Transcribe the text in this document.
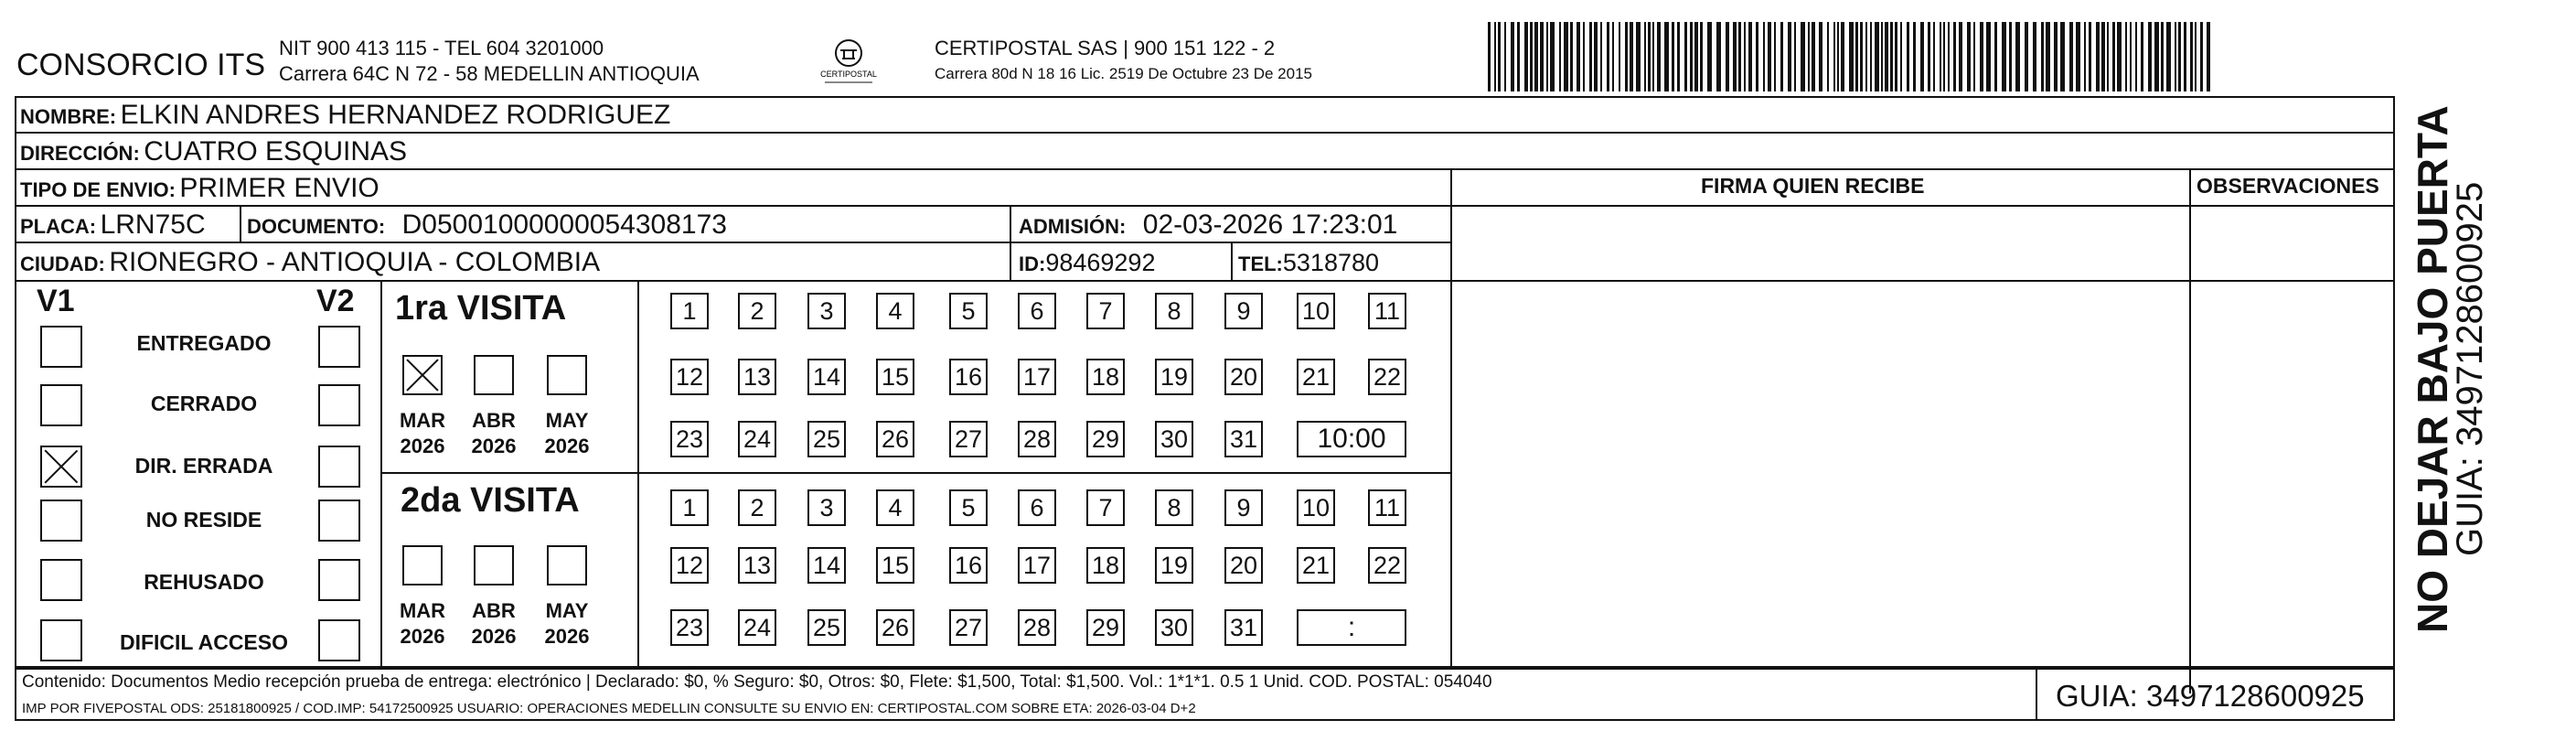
CONSORCIO ITS NIT 900 413 115 - TEL 604 3201000
Carrera 64C N 72 - 58 MEDELLIN ANTIOQUIA	CERTIPOSTAL
CERTIPOSTAL SAS | 900 151 122 - 2
Carrera 80d N 18 16 Lic. 2519 De Octubre 23 De 2015
NOMBRE: ELKIN ANDRES HERNANDEZ RODRIGUEZ
DIRECCIÓN: CUATRO ESQUINAS
TIPO DE ENVIO: PRIMER ENVIO	FIRMA QUIEN RECIBE	OBSERVACIONES
PLACA: LRN75C DOCUMENTO: D05001000000054308173	ADMISIÓN: 02-03-2026 17:23:01
CIUDAD: RIONEGRO - ANTIOQUIA - COLOMBIA	ID:98469292	TEL:5318780
V1	V2
ENTREGADO
CERRADO
DIR. ERRADA
NO RESIDE
REHUSADO
DIFICIL ACCESO
1ra VISITA
2da VISITA
MAR
2026
ABR
2026
MAY
2026
MAR
2026
ABR
2026
MAY
2026
1	2	3	4	5	6	7	8	9	10 11
12 13 14 15 16 17 18 19 20 21 22
23 24 25 26 27 28 29 30 31	10:00
1	2	3	4	5	6	7	8	9	10 11
12 13 14 15 16 17 18 19 20 21 22
23 24 25 26 27 28 29 30 31	:
Contenido: Documentos Medio recepción prueba de entrega: electrónico | Declarado: $0, % Seguro: $0, Otros: $0, Flete: $1,500, Total: $1,500. Vol.: 1*1*1. 0.5 1 Unid. COD. POSTAL: 054040
IMP POR FIVEPOSTAL ODS: 25181800925 / COD.IMP: 54172500925 USUARIO: OPERACIONES MEDELLIN CONSULTE SU ENVIO EN: CERTIPOSTAL.COM SOBRE ETA: 2026-03-04 D+2	GUIA: 3497128600925
NO DEJAR BAJO PUERTA
GUIA: 3497128600925
